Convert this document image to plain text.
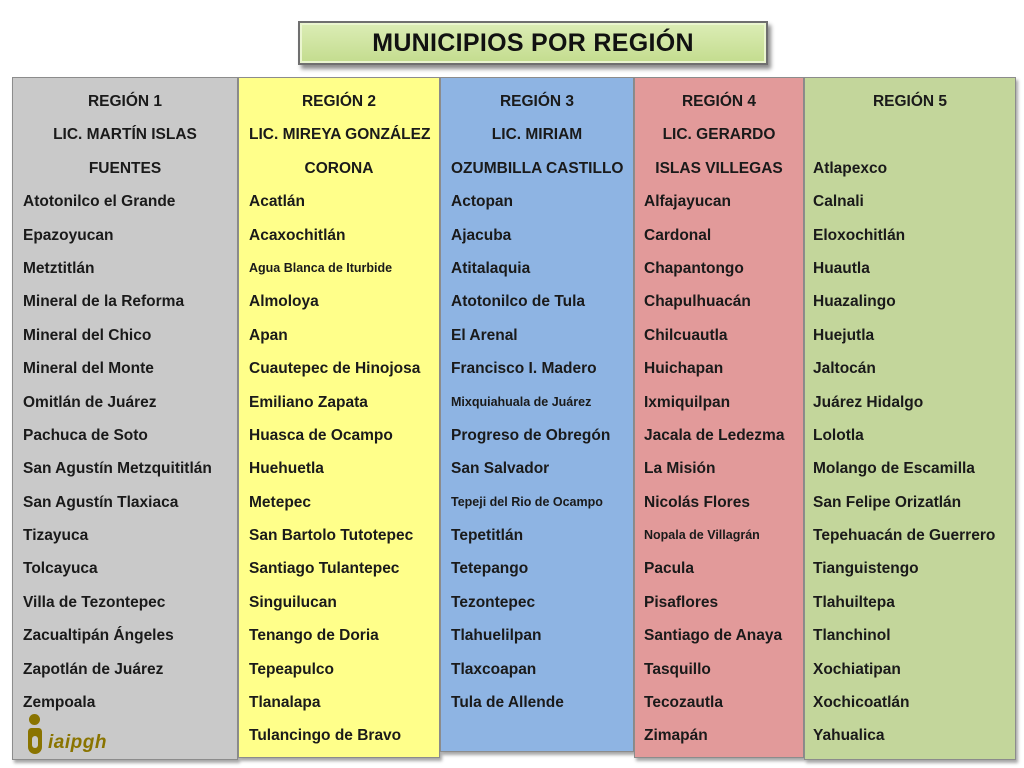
MUNICIPIOS POR REGIÓN
REGIÓN 1
LIC. MARTÍN ISLAS
FUENTES
Atotonilco el Grande
Epazoyucan
Metztitlán
Mineral de la Reforma
Mineral del Chico
Mineral del Monte
Omitlán de Juárez
Pachuca de Soto
San Agustín Metzquititlán
San Agustín Tlaxiaca
Tizayuca
Tolcayuca
Villa de Tezontepec
Zacualtipán Ángeles
Zapotlán de Juárez
Zempoala
REGIÓN 2
LIC. MIREYA GONZÁLEZ
CORONA
Acatlán
Acaxochitlán
Agua Blanca de Iturbide
Almoloya
Apan
Cuautepec de Hinojosa
Emiliano Zapata
Huasca de Ocampo
Huehuetla
Metepec
San Bartolo Tutotepec
Santiago Tulantepec
Singuilucan
Tenango de Doria
Tepeapulco
Tlanalapa
Tulancingo de Bravo
REGIÓN 3
LIC. MIRIAM
OZUMBILLA CASTILLO
Actopan
Ajacuba
Atitalaquia
Atotonilco de Tula
El Arenal
Francisco I. Madero
Mixquiahuala de Juárez
Progreso de Obregón
San Salvador
Tepeji del Rio de Ocampo
Tepetitlán
Tetepango
Tezontepec
Tlahuelilpan
Tlaxcoapan
Tula de Allende
REGIÓN 4
LIC. GERARDO
ISLAS VILLEGAS
Alfajayucan
Cardonal
Chapantongo
Chapulhuacán
Chilcuautla
Huichapan
Ixmiquilpan
Jacala de Ledezma
La Misión
Nicolás Flores
Nopala de Villagrán
Pacula
Pisaflores
Santiago de Anaya
Tasquillo
Tecozautla
Zimapán
REGIÓN 5
Atlapexco
Calnali
Eloxochitlán
Huautla
Huazalingo
Huejutla
Jaltocán
Juárez Hidalgo
Lolotla
Molango de Escamilla
San Felipe Orizatlán
Tepehuacán de Guerrero
Tianguistengo
Tlahuiltepa
Tlanchinol
Xochiatipan
Xochicoatlán
Yahualica
iaipgh
